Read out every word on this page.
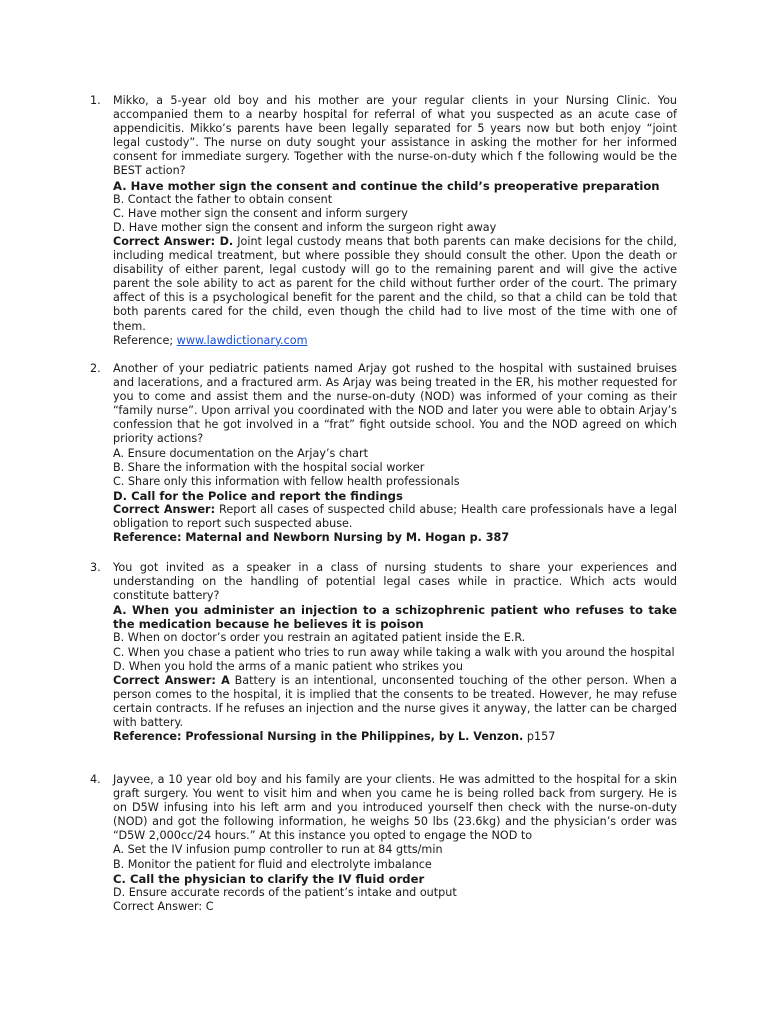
1. Mikko, a 5-year old boy and his mother are your regular clients in your Nursing Clinic. You accompanied them to a nearby hospital for referral of what you suspected as an acute case of appendicitis. Mikko’s parents have been legally separated for 5 years now but both enjoy “joint legal custody”. The nurse on duty sought your assistance in asking the mother for her informed consent for immediate surgery. Together with the nurse-on-duty which f the following would be the BEST action?

A. Have mother sign the consent and continue the child’s preoperative preparation

B. Contact the father to obtain consent

C. Have mother sign the consent and inform surgery

D. Have mother sign the consent and inform the surgeon right away

Correct Answer: D. Joint legal custody means that both parents can make decisions for the child, including medical treatment, but where possible they should consult the other. Upon the death or disability of either parent, legal custody will go to the remaining parent and will give the active parent the sole ability to act as parent for the child without further order of the court. The primary affect of this is a psychological benefit for the parent and the child, so that a child can be told that both parents cared for the child, even though the child had to live most of the time with one of them.

Reference; www.lawdictionary.com

2. Another of your pediatric patients named Arjay got rushed to the hospital with sustained bruises and lacerations, and a fractured arm. As Arjay was being treated in the ER, his mother requested for you to come and assist them and the nurse-on-duty (NOD) was informed of your coming as their “family nurse”. Upon arrival you coordinated with the NOD and later you were able to obtain Arjay’s confession that he got involved in a “frat” fight outside school. You and the NOD agreed on which priority actions?

A. Ensure documentation on the Arjay’s chart

B. Share the information with the hospital social worker

C. Share only this information with fellow health professionals

D. Call for the Police and report the findings

Correct Answer: Report all cases of suspected child abuse; Health care professionals have a legal obligation to report such suspected abuse.

Reference: Maternal and Newborn Nursing by M. Hogan p. 387

3. You got invited as a speaker in a class of nursing students to share your experiences and understanding on the handling of potential legal cases while in practice. Which acts would constitute battery?

A. When you administer an injection to a schizophrenic patient who refuses to take the medication because he believes it is poison

B. When on doctor’s order you restrain an agitated patient inside the E.R.

C. When you chase a patient who tries to run away while taking a walk with you around the hospital

D. When you hold the arms of a manic patient who strikes you

Correct Answer: A Battery is an intentional, unconsented touching of the other person. When a person comes to the hospital, it is implied that the consents to be treated. However, he may refuse certain contracts. If he refuses an injection and the nurse gives it anyway, the latter can be charged with battery.

Reference: Professional Nursing in the Philippines, by L. Venzon. p157

4. Jayvee, a 10 year old boy and his family are your clients. He was admitted to the hospital for a skin graft surgery. You went to visit him and when you came he is being rolled back from surgery. He is on D5W infusing into his left arm and you introduced yourself then check with the nurse-on-duty (NOD) and got the following information, he weighs 50 lbs (23.6kg) and the physician’s order was “D5W 2,000cc/24 hours.” At this instance you opted to engage the NOD to

A. Set the IV infusion pump controller to run at 84 gtts/min

B. Monitor the patient for fluid and electrolyte imbalance

C. Call the physician to clarify the IV fluid order

D. Ensure accurate records of the patient’s intake and output

Correct Answer: C
